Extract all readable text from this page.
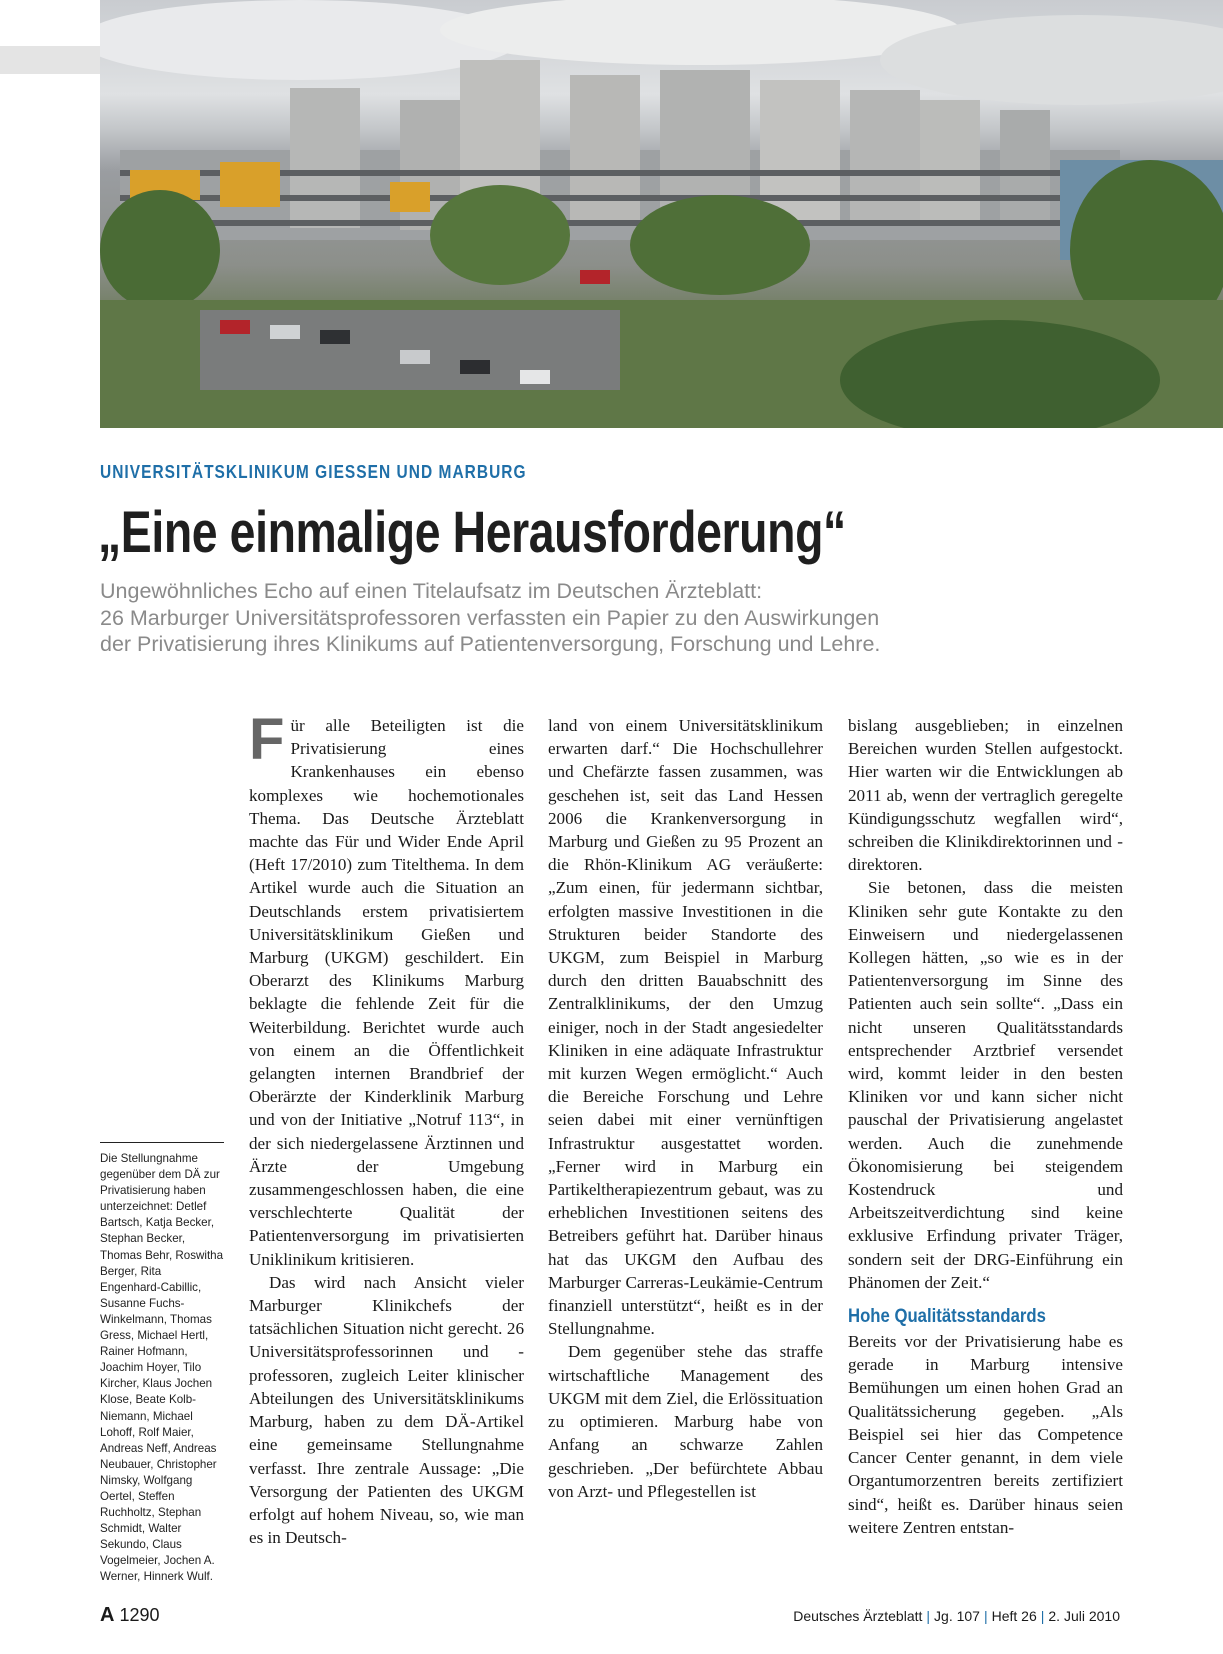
UNIVERSITÄTSKLINIKUM GIESSEN UND MARBURG
„Eine einmalige Herausforderung“

Ungewöhnliches Echo auf einen Titelaufsatz im Deutschen Ärzteblatt:
26 Marburger Universitätsprofessoren verfassten ein Papier zu den Auswirkungen
der Privatisierung ihres Klinikums auf Patientenversorgung, Forschung und Lehre.

Die Stellungnahme gegenüber dem DÄ zur Privatisierung haben unterzeichnet: Detlef Bartsch, Katja Becker, Stephan Becker, Thomas Behr, Roswitha Berger, Rita Engenhard-Cabillic, Susanne Fuchs-Winkelmann, Thomas Gress, Michael Hertl, Rainer Hofmann, Joachim Hoyer, Tilo Kircher, Klaus Jochen Klose, Beate Kolb-Niemann, Michael Lohoff, Rolf Maier, Andreas Neff, Andreas Neubauer, Christopher Nimsky, Wolfgang Oertel, Steffen Ruchholtz, Stephan Schmidt, Walter Sekundo, Claus Vogelmeier, Jochen A. Werner, Hinnerk Wulf.

Für alle Beteiligten ist die Privatisierung eines Krankenhauses ein ebenso komplexes wie hochemotionales Thema. Das Deutsche Ärzteblatt machte das Für und Wider Ende April (Heft 17/2010) zum Titelthema. In dem Artikel wurde auch die Situation an Deutschlands erstem privatisiertem Universitätsklinikum Gießen und Marburg (UKGM) geschildert. Ein Oberarzt des Klinikums Marburg beklagte die fehlende Zeit für die Weiterbildung. Berichtet wurde auch von einem an die Öffentlichkeit gelangten internen Brandbrief der Oberärzte der Kinderklinik Marburg und von der Initiative „Notruf 113“, in der sich niedergelassene Ärztinnen und Ärzte der Umgebung zusammengeschlossen haben, die eine verschlechterte Qualität der Patientenversorgung im privatisierten Uniklinikum kritisieren.

Das wird nach Ansicht vieler Marburger Klinikchefs der tatsächlichen Situation nicht gerecht. 26 Universitätsprofessorinnen und -professoren, zugleich Leiter klinischer Abteilungen des Universitätsklinikums Marburg, haben zu dem DÄ-Artikel eine gemeinsame Stellungnahme verfasst. Ihre zentrale Aussage: „Die Versorgung der Patienten des UKGM erfolgt auf hohem Niveau, so, wie man es in Deutsch-

land von einem Universitätsklinikum erwarten darf.“ Die Hochschullehrer und Chefärzte fassen zusammen, was geschehen ist, seit das Land Hessen 2006 die Krankenversorgung in Marburg und Gießen zu 95 Prozent an die Rhön-Klinikum AG veräußerte: „Zum einen, für jedermann sichtbar, erfolgten massive Investitionen in die Strukturen beider Standorte des UKGM, zum Beispiel in Marburg durch den dritten Bauabschnitt des Zentralklinikums, der den Umzug einiger, noch in der Stadt angesiedelter Kliniken in eine adäquate Infrastruktur mit kurzen Wegen ermöglicht.“ Auch die Bereiche Forschung und Lehre seien dabei mit einer vernünftigen Infrastruktur ausgestattet worden. „Ferner wird in Marburg ein Partikeltherapiezentrum gebaut, was zu erheblichen Investitionen seitens des Betreibers geführt hat. Darüber hinaus hat das UKGM den Aufbau des Marburger Carreras-Leukämie-Centrum finanziell unterstützt“, heißt es in der Stellungnahme.

Dem gegenüber stehe das straffe wirtschaftliche Management des UKGM mit dem Ziel, die Erlössituation zu optimieren. Marburg habe von Anfang an schwarze Zahlen geschrieben. „Der befürchtete Abbau von Arzt- und Pflegestellen ist

bislang ausgeblieben; in einzelnen Bereichen wurden Stellen aufgestockt. Hier warten wir die Entwicklungen ab 2011 ab, wenn der vertraglich geregelte Kündigungsschutz wegfallen wird“, schreiben die Klinikdirektorinnen und -direktoren.

Sie betonen, dass die meisten Kliniken sehr gute Kontakte zu den Einweisern und niedergelassenen Kollegen hätten, „so wie es in der Patientenversorgung im Sinne des Patienten auch sein sollte“. „Dass ein nicht unseren Qualitätsstandards entsprechender Arztbrief versendet wird, kommt leider in den besten Kliniken vor und kann sicher nicht pauschal der Privatisierung angelastet werden. Auch die zunehmende Ökonomisierung bei steigendem Kostendruck und Arbeitszeitverdichtung sind keine exklusive Erfindung privater Träger, sondern seit der DRG-Einführung ein Phänomen der Zeit.“

Hohe Qualitätsstandards

Bereits vor der Privatisierung habe es gerade in Marburg intensive Bemühungen um einen hohen Grad an Qualitätssicherung gegeben. „Als Beispiel sei hier das Competence Cancer Center genannt, in dem viele Organtumorzentren bereits zertifiziert sind“, heißt es. Darüber hinaus seien weitere Zentren entstan-

A 1290	Deutsches Ärzteblatt | Jg. 107 | Heft 26 | 2. Juli 2010
